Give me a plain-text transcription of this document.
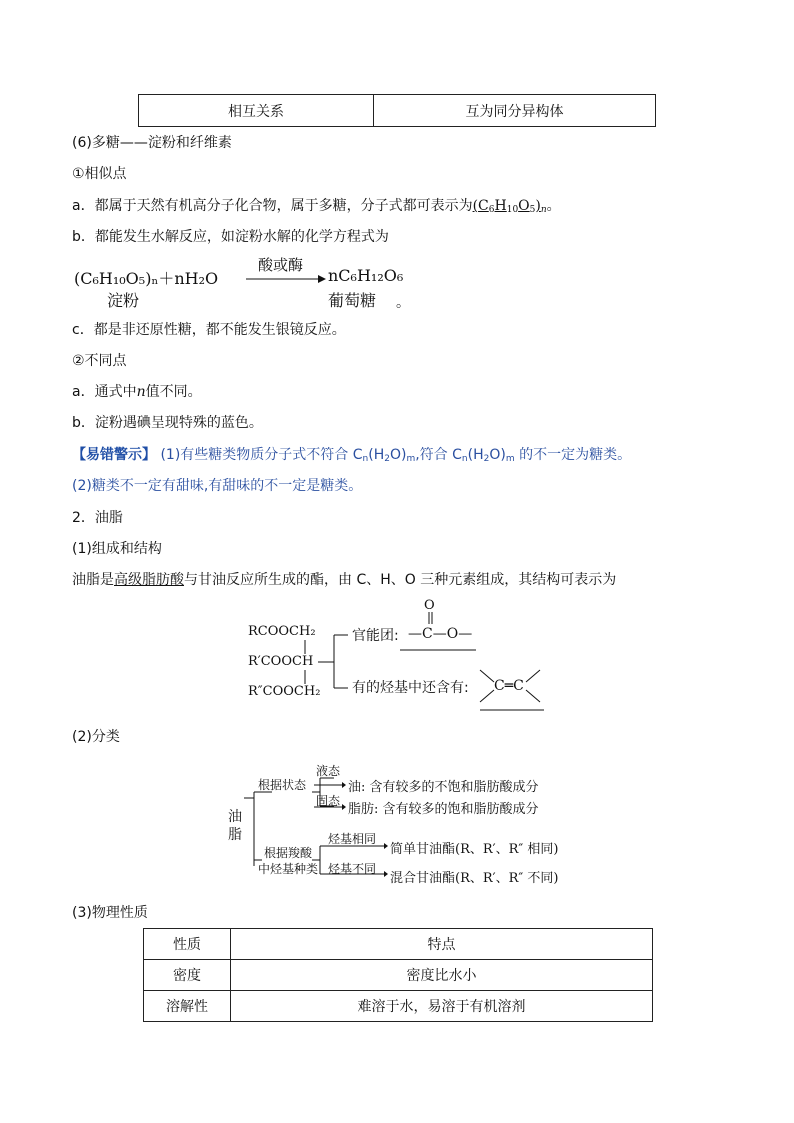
相互关系	互为同分异构体
(6)多糖——淀粉和纤维素
①相似点
a．都属于天然有机高分子化合物，属于多糖，分子式都可表示为$(C_6H_{10}O_5)_n$。
b．都能发生水解反应，如淀粉水解的化学方程式为
(C₆H₁₀O₅)ₙ＋nH₂O
淀粉
酸或酶
nC₆H₁₂O₆
葡萄糖 。
c．都是非还原性糖，都不能发生银镜反应。
②不同点
a．通式中n值不同。
b．淀粉遇碘呈现特殊的蓝色。
【易错警示】 (1)有些糖类物质分子式不符合 $C_n(H_2O)_m$,符合 $C_n(H_2O)_m$ 的不一定为糖类。
(2)糖类不一定有甜味,有甜味的不一定是糖类。
2．油脂
(1)组成和结构
油脂是高级脂肪酸与甘油反应所生成的酯，由 C、H、O 三种元素组成，其结构可表示为
RCOOCH₂
R′COOCH
R″COOCH₂
O
官能团: —C—O—
有的烃基中还含有: C═C
(2)分类
油
脂
根据状态
液态
固态
油: 含有较多的不饱和脂肪酸成分
脂肪: 含有较多的饱和脂肪酸成分
根据羧酸
中烃基种类
烃基相同
烃基不同
简单甘油酯(R、R′、R″ 相同)
混合甘油酯(R、R′、R″ 不同)
(3)物理性质
性质	特点
密度	密度比水小
溶解性	难溶于水，易溶于有机溶剂
